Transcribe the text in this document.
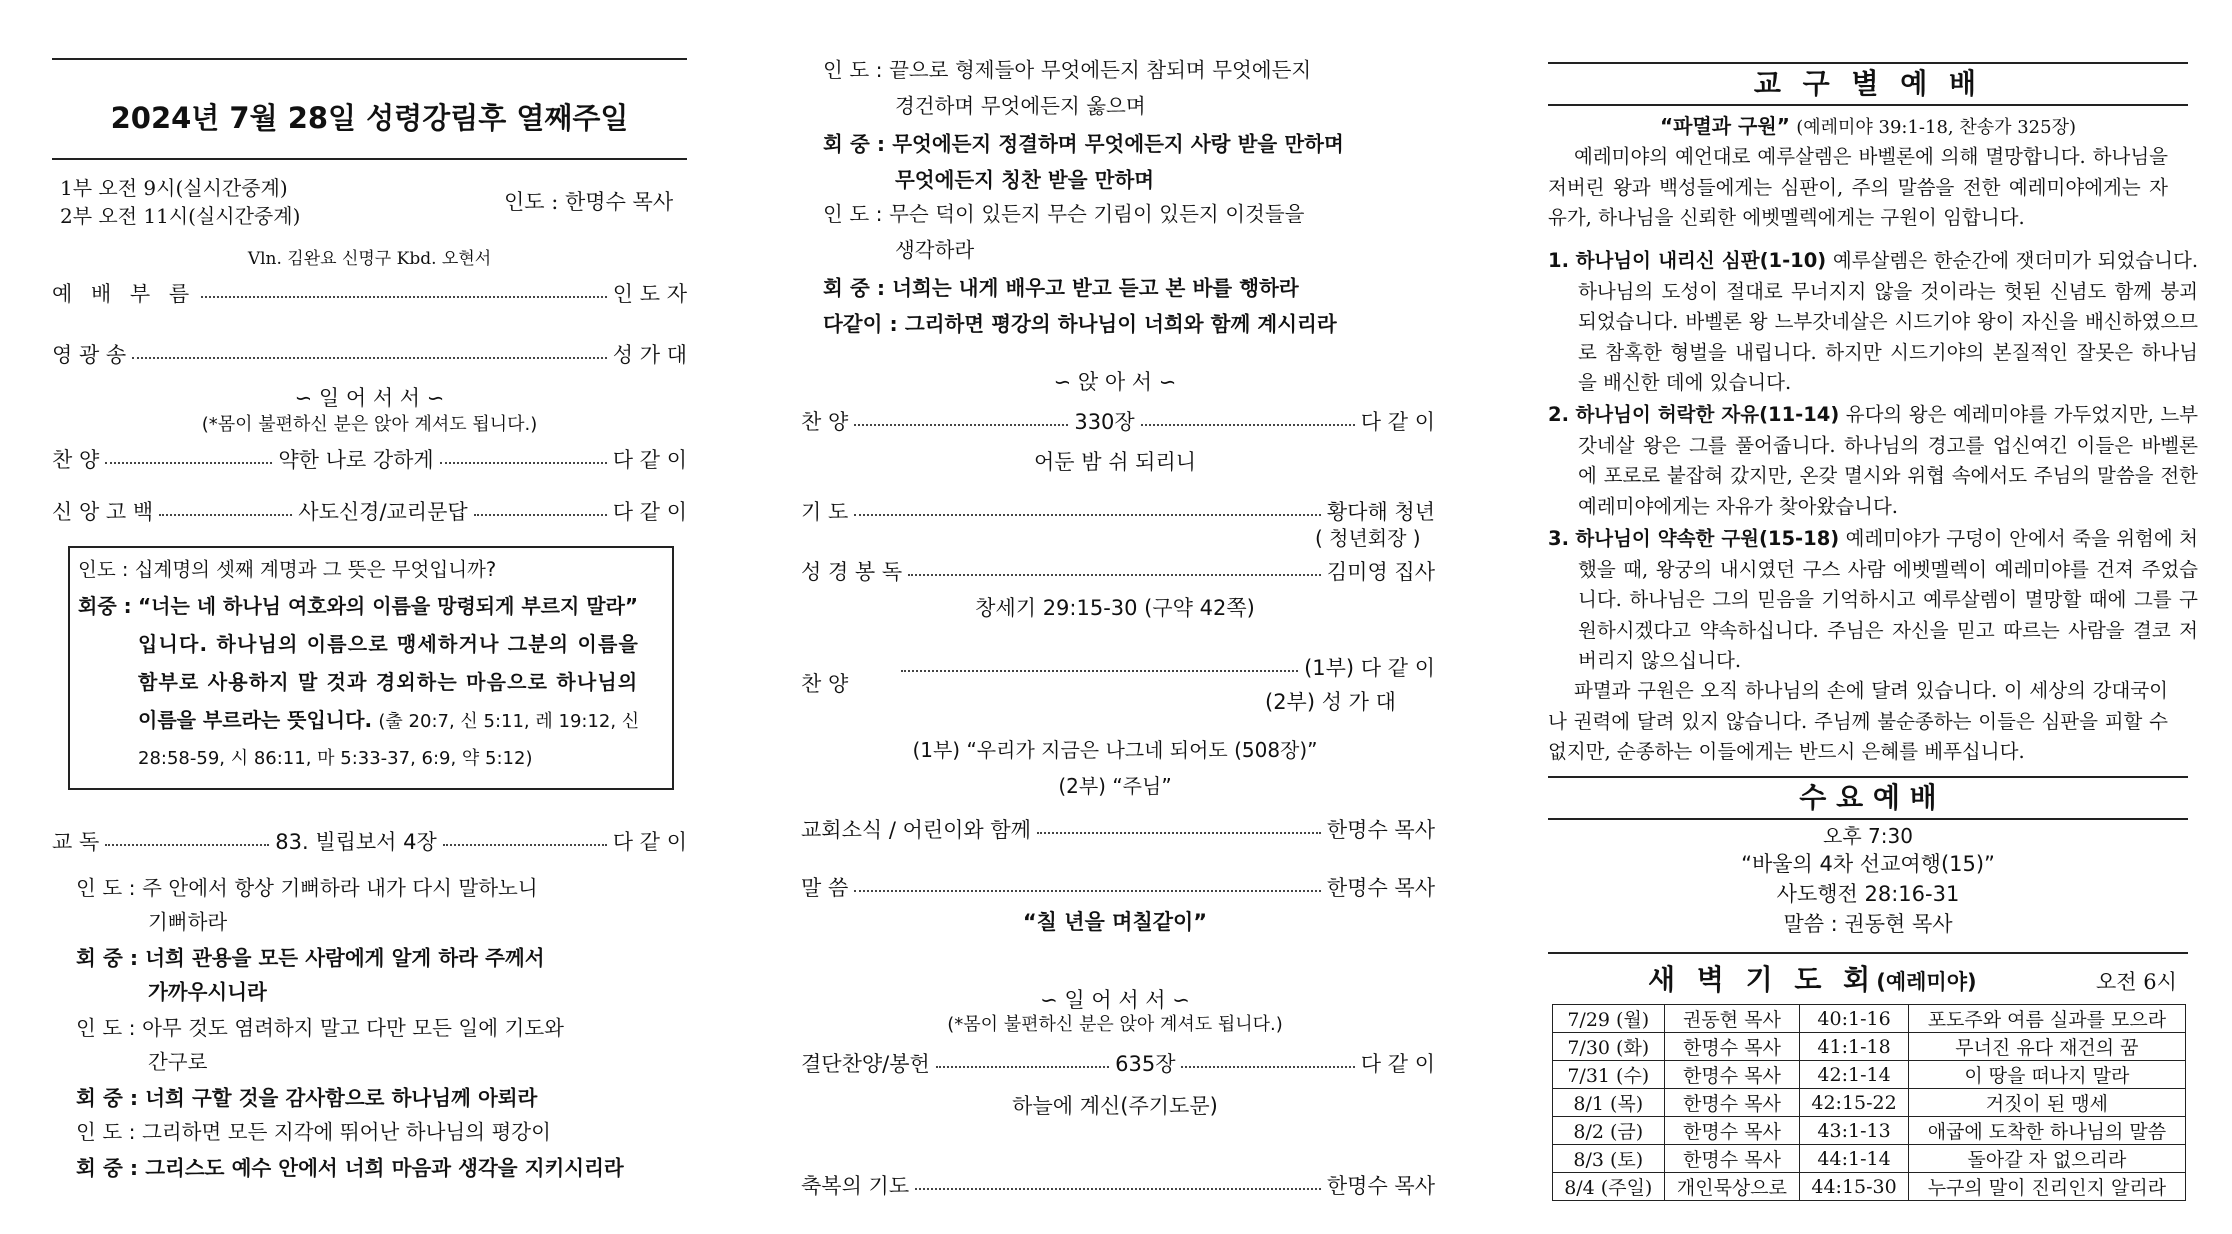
2024년 7월 28일 성령강림후 열째주일
1부 오전 9시(실시간중계)
2부 오전 11시(실시간중계)
인도 : 한명수 목사
Vln. 김완요 신명구 Kbd. 오현서
예 배 부 름	인 도 자
영 광 송	성 가 대
∽ 일 어 서 서 ∽
(*몸이 불편하신 분은 앉아 계셔도 됩니다.)
찬 양	약한 나로 강하게	다 같 이
신 앙 고 백	사도신경/교리문답	다 같 이
인도 : 십계명의 셋째 계명과 그 뜻은 무엇입니까?
회중 : “너는 네 하나님 여호와의 이름을 망령되게 부르지 말라”
입니다. 하나님의 이름으로 맹세하거나 그분의 이름을
함부로 사용하지 말 것과 경외하는 마음으로 하나님의
이름을 부르라는 뜻입니다. (출 20:7, 신 5:11, 레 19:12, 신
28:58-59, 시 86:11, 마 5:33-37, 6:9, 약 5:12)
교 독	83. 빌립보서 4장	다 같 이
인 도 : 주 안에서 항상 기뻐하라 내가 다시 말하노니
기뻐하라
회 중 : 너희 관용을 모든 사람에게 알게 하라 주께서
가까우시니라
인 도 : 아무 것도 염려하지 말고 다만 모든 일에 기도와
간구로
회 중 : 너희 구할 것을 감사함으로 하나님께 아뢰라
인 도 : 그리하면 모든 지각에 뛰어난 하나님의 평강이
회 중 : 그리스도 예수 안에서 너희 마음과 생각을 지키시리라
인 도 : 끝으로 형제들아 무엇에든지 참되며 무엇에든지
경건하며 무엇에든지 옳으며
회 중 : 무엇에든지 정결하며 무엇에든지 사랑 받을 만하며
무엇에든지 칭찬 받을 만하며
인 도 : 무슨 덕이 있든지 무슨 기림이 있든지 이것들을
생각하라
회 중 : 너희는 내게 배우고 받고 듣고 본 바를 행하라
다같이 : 그리하면 평강의 하나님이 너희와 함께 계시리라
∽ 앉 아 서 ∽
찬 양	330장	다 같 이
어둔 밤 쉬 되리니
기 도	황다해 청년
( 청년회장 )
성 경 봉 독	김미영 집사
창세기 29:15-30 (구약 42쪽)
찬 양
(1부) 다 같 이
(2부) 성 가 대
(1부) “우리가 지금은 나그네 되어도 (508장)”
(2부) “주님”
교회소식 / 어린이와 함께	한명수 목사
말 씀	한명수 목사
“칠 년을 며칠같이”
∽ 일 어 서 서 ∽
(*몸이 불편하신 분은 앉아 계셔도 됩니다.)
결단찬양/봉헌	635장	다 같 이
하늘에 계신(주기도문)
축복의 기도	한명수 목사
교 구 별 예 배
“파멸과 구원” (예레미야 39:1-18, 찬송가 325장)
예레미야의 예언대로 예루살렘은 바벨론에 의해 멸망합니다. 하나님을 저버린 왕과 백성들에게는 심판이, 주의 말씀을 전한 예레미야에게는 자유가, 하나님을 신뢰한 에벳멜렉에게는 구원이 임합니다.
1. 하나님이 내리신 심판(1-10) 예루살렘은 한순간에 잿더미가 되었습니다. 하나님의 도성이 절대로 무너지지 않을 것이라는 헛된 신념도 함께 붕괴되었습니다. 바벨론 왕 느부갓네살은 시드기야 왕이 자신을 배신하였으므로 참혹한 형벌을 내립니다. 하지만 시드기야의 본질적인 잘못은 하나님을 배신한 데에 있습니다.
2. 하나님이 허락한 자유(11-14) 유다의 왕은 예레미야를 가두었지만, 느부갓네살 왕은 그를 풀어줍니다. 하나님의 경고를 업신여긴 이들은 바벨론에 포로로 붙잡혀 갔지만, 온갖 멸시와 위협 속에서도 주님의 말씀을 전한 예레미야에게는 자유가 찾아왔습니다.
3. 하나님이 약속한 구원(15-18) 예레미야가 구덩이 안에서 죽을 위험에 처했을 때, 왕궁의 내시였던 구스 사람 에벳멜렉이 예레미야를 건져 주었습니다. 하나님은 그의 믿음을 기억하시고 예루살렘이 멸망할 때에 그를 구원하시겠다고 약속하십니다. 주님은 자신을 믿고 따르는 사람을 결코 저버리지 않으십니다.
파멸과 구원은 오직 하나님의 손에 달려 있습니다. 이 세상의 강대국이나 권력에 달려 있지 않습니다. 주님께 불순종하는 이들은 심판을 피할 수 없지만, 순종하는 이들에게는 반드시 은혜를 베푸십니다.
수 요 예 배
오후 7:30
“바울의 4차 선교여행(15)”
사도행전 28:16-31
말씀 : 권동현 목사
새 벽 기 도 회(예레미야)	오전 6시
7/29 (월)	권동현 목사	40:1-16	포도주와 여름 실과를 모으라
7/30 (화)	한명수 목사	41:1-18	무너진 유다 재건의 꿈
7/31 (수)	한명수 목사	42:1-14	이 땅을 떠나지 말라
8/1 (목)	한명수 목사	42:15-22	거짓이 된 맹세
8/2 (금)	한명수 목사	43:1-13	애굽에 도착한 하나님의 말씀
8/3 (토)	한명수 목사	44:1-14	돌아갈 자 없으리라
8/4 (주일)	개인묵상으로	44:15-30	누구의 말이 진리인지 알리라
